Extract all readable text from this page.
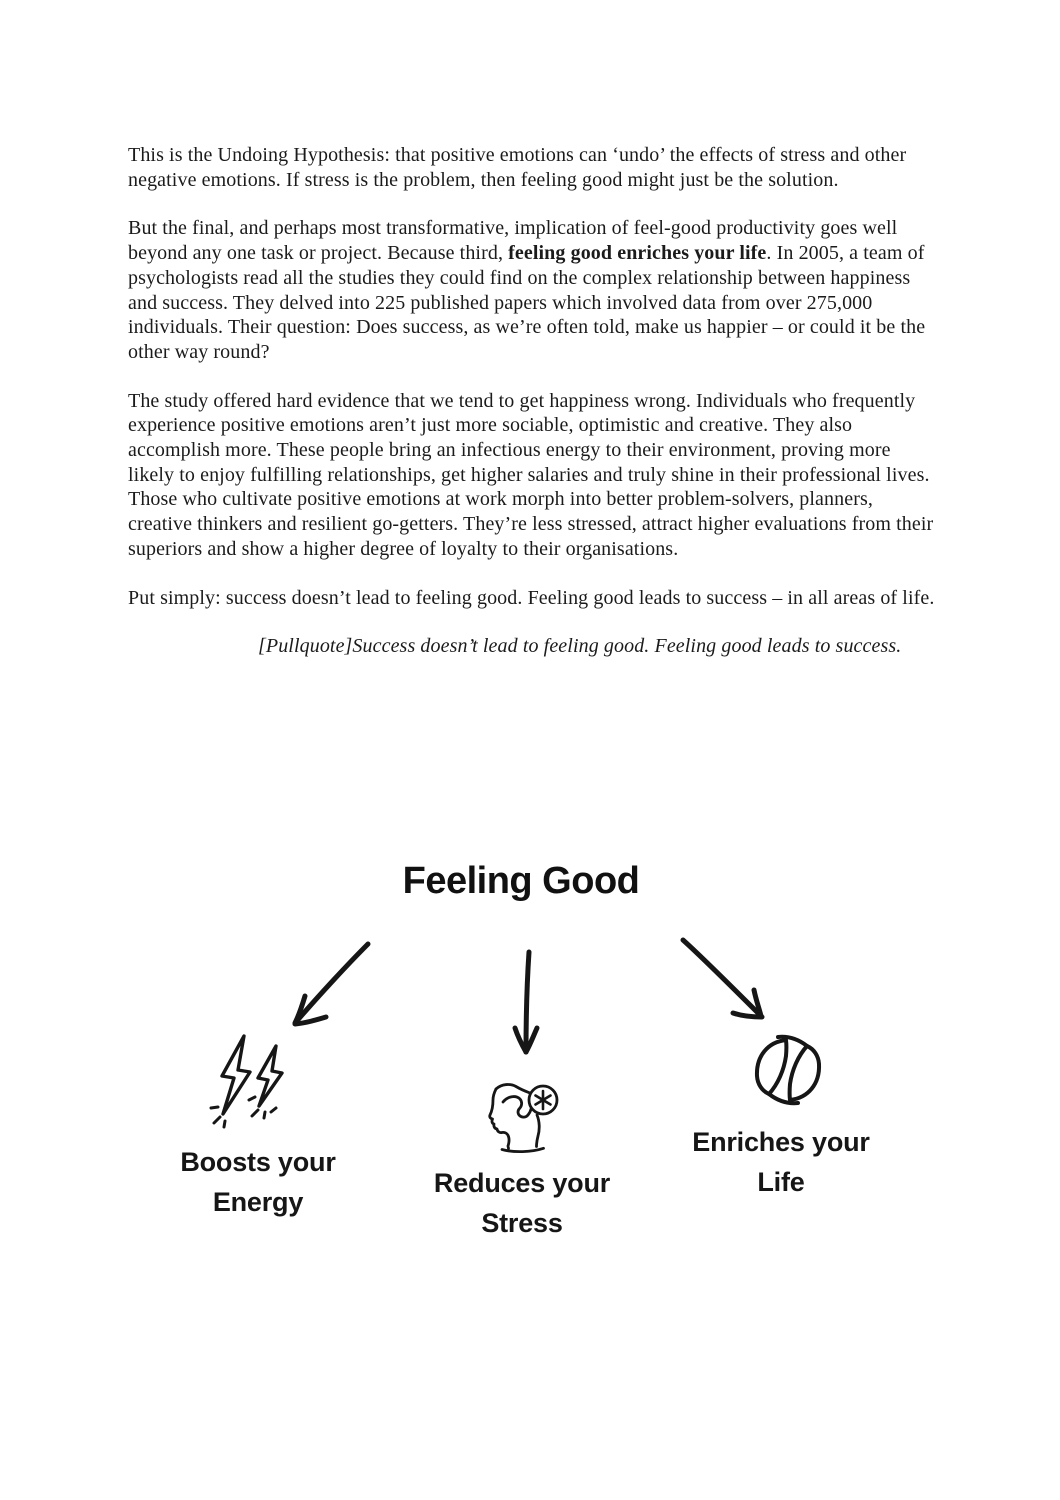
This is the Undoing Hypothesis: that positive emotions can ‘undo’ the effects of stress and other negative emotions. If stress is the problem, then feeling good might just be the solution.

But the final, and perhaps most transformative, implication of feel-good productivity goes well beyond any one task or project. Because third, feeling good enriches your life. In 2005, a team of psychologists read all the studies they could find on the complex relationship between happiness and success. They delved into 225 published papers which involved data from over 275,000 individuals. Their question: Does success, as we’re often told, make us happier – or could it be the other way round?

The study offered hard evidence that we tend to get happiness wrong. Individuals who frequently experience positive emotions aren’t just more sociable, optimistic and creative. They also accomplish more. These people bring an infectious energy to their environment, proving more likely to enjoy fulfilling relationships, get higher salaries and truly shine in their professional lives. Those who cultivate positive emotions at work morph into better problem-solvers, planners, creative thinkers and resilient go-getters. They’re less stressed, attract higher evaluations from their superiors and show a higher degree of loyalty to their organisations.

Put simply: success doesn’t lead to feeling good. Feeling good leads to success – in all areas of life.

[Pullquote]Success doesn’t lead to feeling good. Feeling good leads to success.

Feeling Good
Boosts your
Energy
Reduces your
Stress
Enriches your
Life
